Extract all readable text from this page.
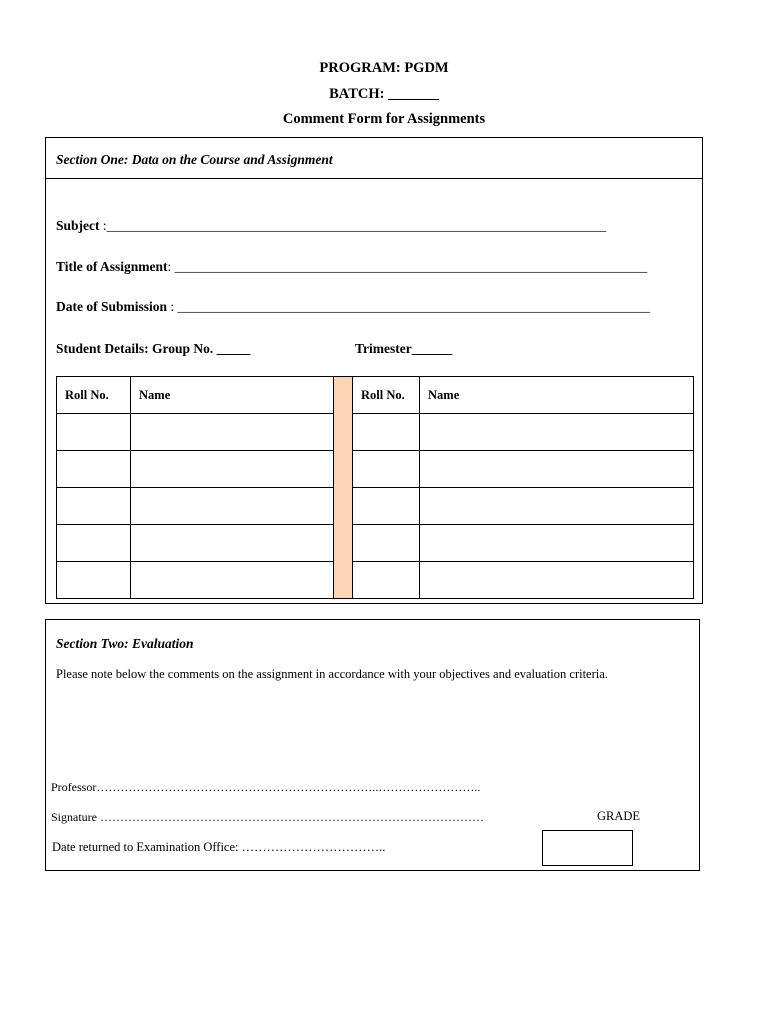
PROGRAM: PGDM
BATCH: _______
Comment Form for Assignments
Section One: Data on the Course and Assignment
Subject :__________________________________________________________________________
Title of Assignment: ______________________________________________________________________
Date of Submission : ______________________________________________________________________
Student Details: Group No. _____	Trimester______
Roll No.	Name		Roll No.	Name

Section Two: Evaluation
Please note below the comments on the assignment in accordance with your objectives and evaluation criteria.
Professor……………………………………………………………..……………………..
Signature ……………………………………………………………………………………
Date returned to Examination Office: ……………………………..
GRADE
